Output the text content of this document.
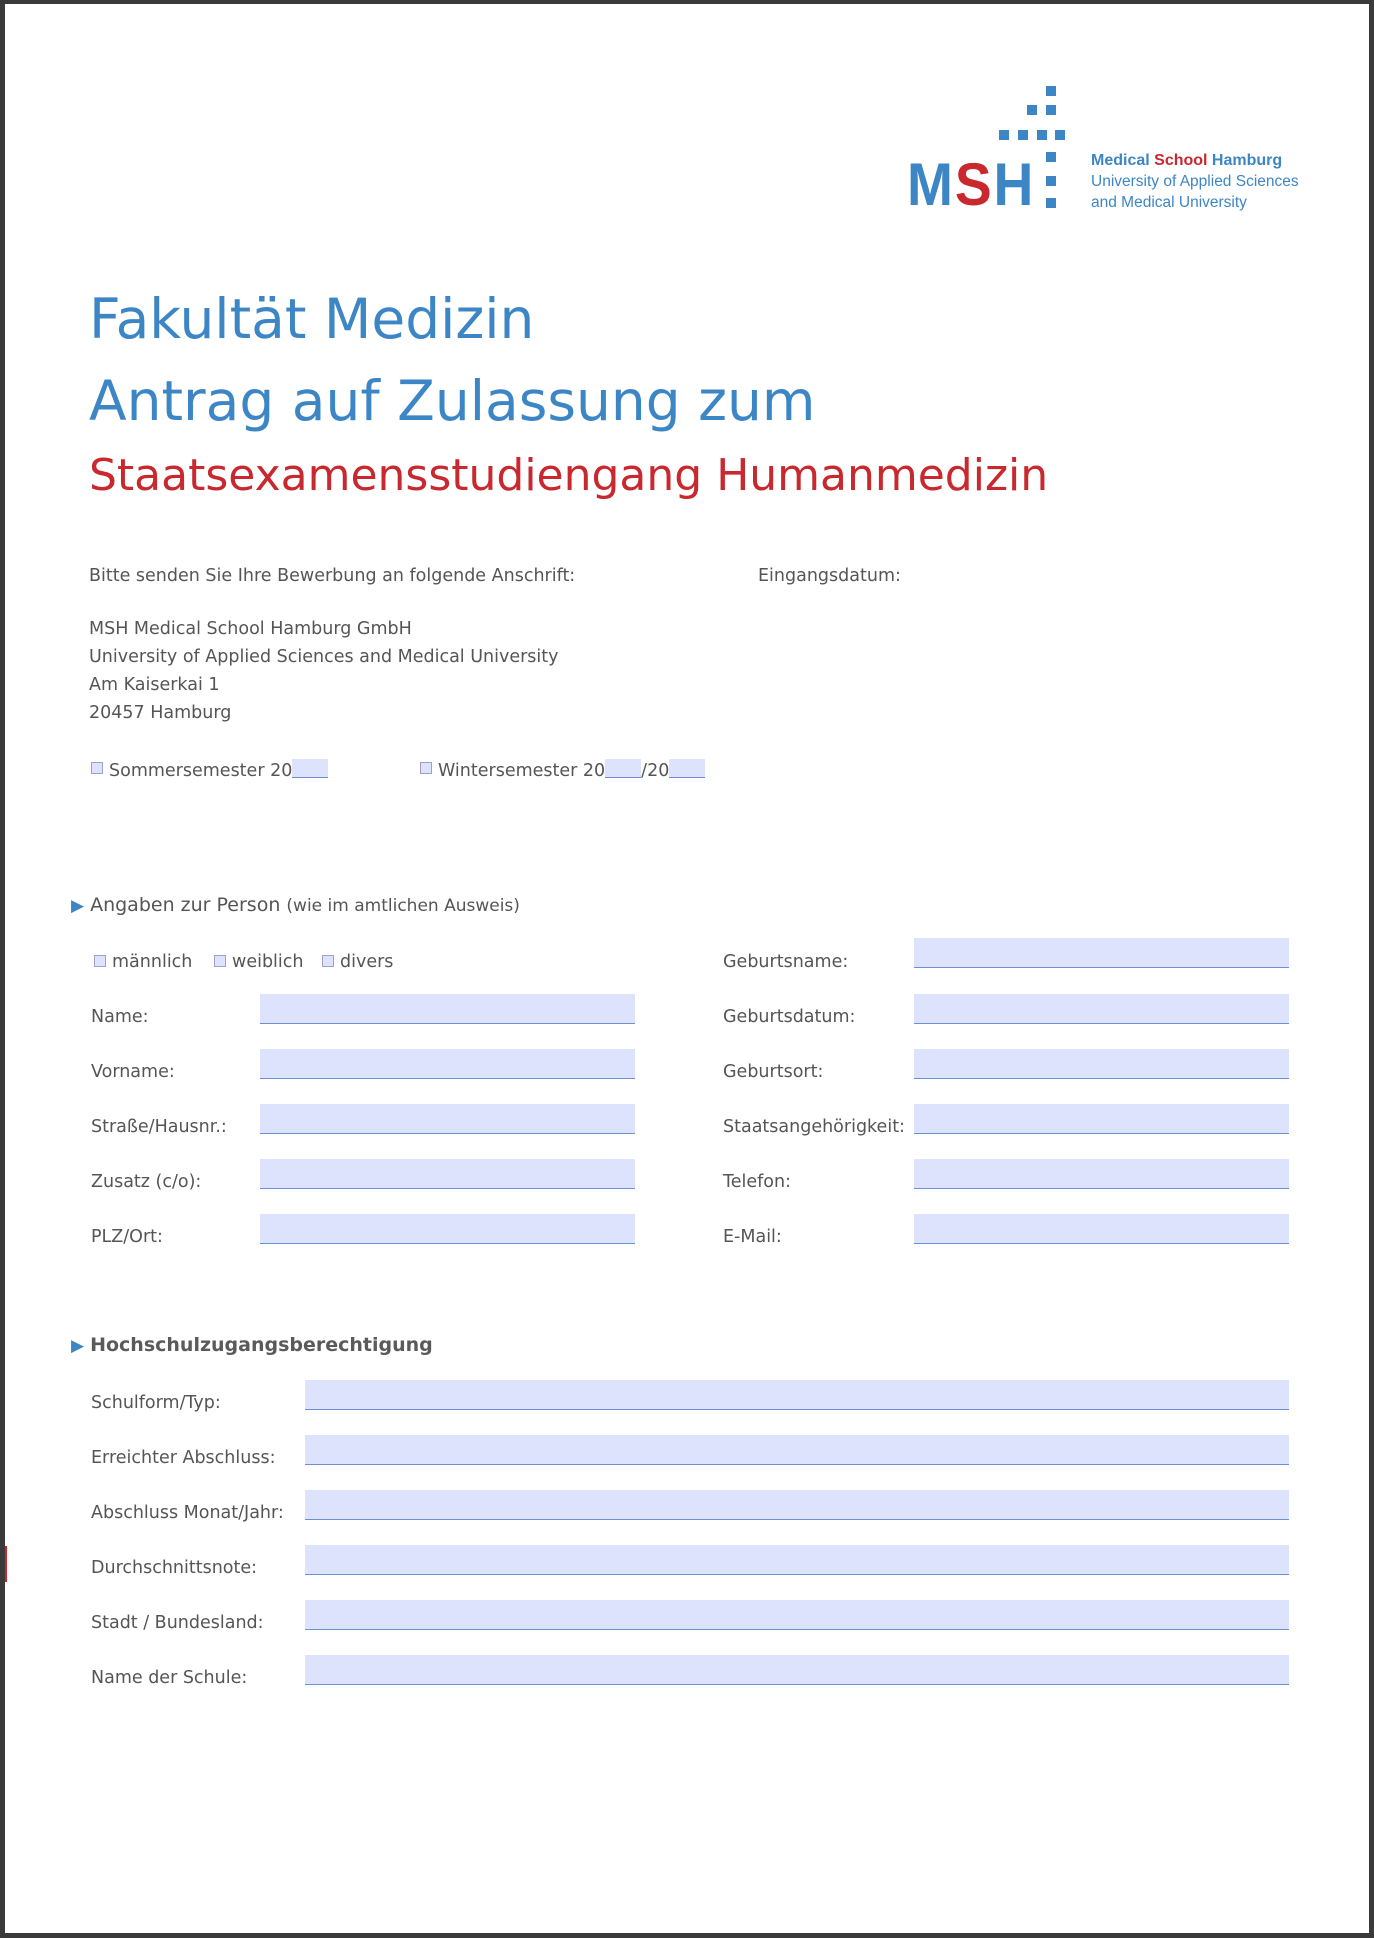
MSH	Medical School Hamburg
University of Applied Sciences
and Medical University
Fakultät Medizin
Antrag auf Zulassung zum
Staatsexamensstudiengang Humanmedizin
Bitte senden Sie Ihre Bewerbung an folgende Anschrift:	Eingangsdatum:
MSH Medical School Hamburg GmbH
University of Applied Sciences and Medical University
Am Kaiserkai 1
20457 Hamburg
Sommersemester 20	Wintersemester 20 /20
▶ Angaben zur Person (wie im amtlichen Ausweis)
männlich weiblich divers
Name:
Vorname:
Straße/Hausnr.:
Zusatz (c/o):
PLZ/Ort:
Geburtsname:
Geburtsdatum:
Geburtsort:
Staatsangehörigkeit:
Telefon:
E-Mail:
▶ Hochschulzugangsberechtigung
Schulform/Typ:
Erreichter Abschluss:
Abschluss Monat/Jahr:
Durchschnittsnote:
Stadt / Bundesland:
Name der Schule:
